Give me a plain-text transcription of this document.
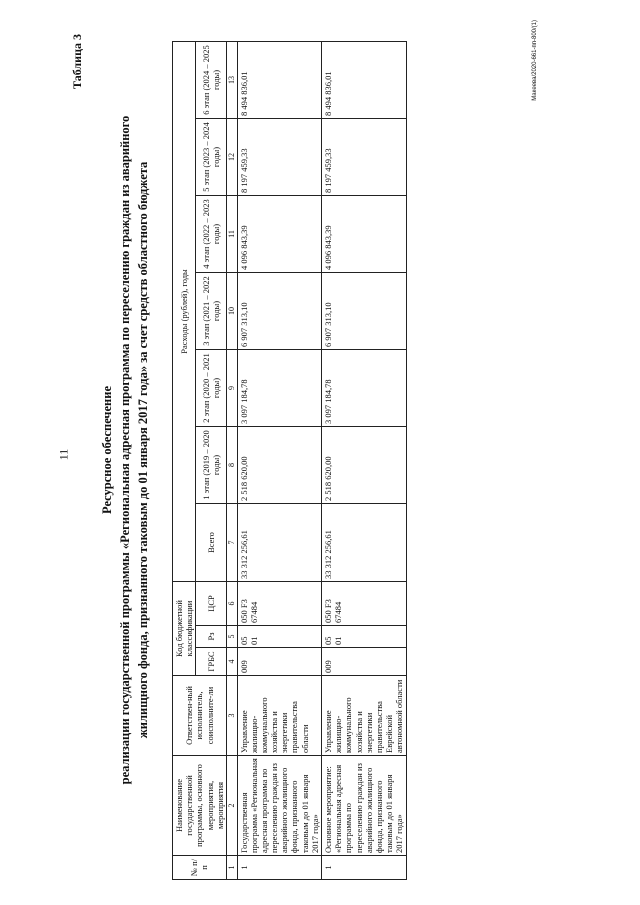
11
Таблица 3
Ресурсное обеспечение реализации государственной программы «Региональная адресная программа по переселению граждан из аварийного жилищного фонда, признанного таковым до 01 января 2017 года» за счет средств областного бюджета
№ п/п	Наименование государственной программы, основного мероприятия, мероприятия	Ответствен-ный исполнитель, соисполните-ли	Код бюджетной классификации			Расходы (рублей), годы						
			ГРБС	Рз	ЦСР	Всего	1 этап (2019 – 2020 годы)	2 этап (2020 – 2021 годы)	3 этап (2021 – 2022 годы)	4 этап (2022 – 2023 годы)	5 этап (2023 – 2024 годы)	6 этап (2024 – 2025 годы)

1	2	3	4	5	6	7	8	9	10	11	12	13
1	Государственная программа «Региональная адресная программа по переселению граждан из аварийного жилищного фонда, признанного таковым до 01 января 2017 года»	Управление жилищно-коммунального хозяйства и энергетики правительства области	009	05 01	050 F3 67484	33 312 256,61	2 518 620,00	3 097 184,78	6 907 313,10	4 096 843,39	8 197 459,33	8 494 836,01
1	Основное мероприятие: «Региональная адресная программа по переселению граждан из аварийного жилищного фонда, признанного таковым до 01 января 2017 года»	Управление жилищно-коммунального хозяйства и энергетики правительства Еврейской автономной области	009	05 01	050 F3 67484	33 312 256,61	2 518 620,00	3 097 184,78	6 907 313,10	4 096 843,39	8 197 459,33	8 494 836,01	Макеева/2020-661-пп-800/(1)
